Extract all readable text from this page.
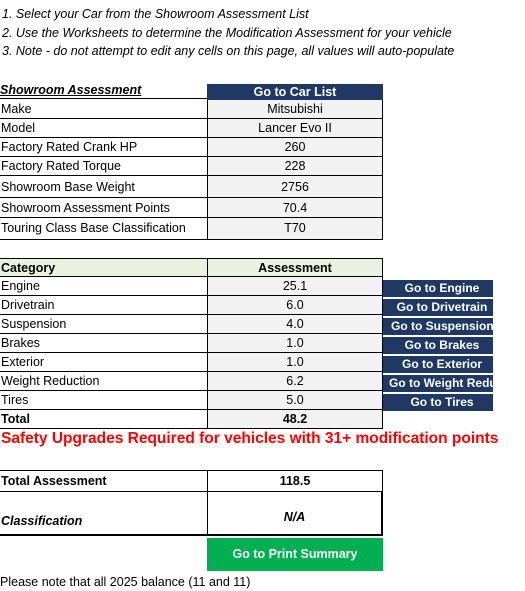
1. Select your Car from the Showroom Assessment List
2. Use the Worksheets to determine the Modification Assessment for your vehicle
3. Note - do not attempt to edit any cells on this page, all values will auto-populate
Showroom Assessment	Go to Car List
Make	Mitsubishi
Model	Lancer Evo II
Factory Rated Crank HP	260
Factory Rated Torque	228
Showroom Base Weight	2756
Showroom Assessment Points	70.4
Touring Class Base Classification	T70
Category	Assessment
Engine	25.1	Go to Engine
Drivetrain	6.0	Go to Drivetrain
Suspension	4.0	Go to Suspension
Brakes	1.0	Go to Brakes
Exterior	1.0	Go to Exterior
Weight Reduction	6.2	Go to Weight Reduction
Tires	5.0	Go to Tires
Total	48.2
Safety Upgrades Required for vehicles with 31+ modification points
Total Assessment	118.5
Classification	N/A
Go to Print Summary
Please note that all 2025 balance (11 and 11)
